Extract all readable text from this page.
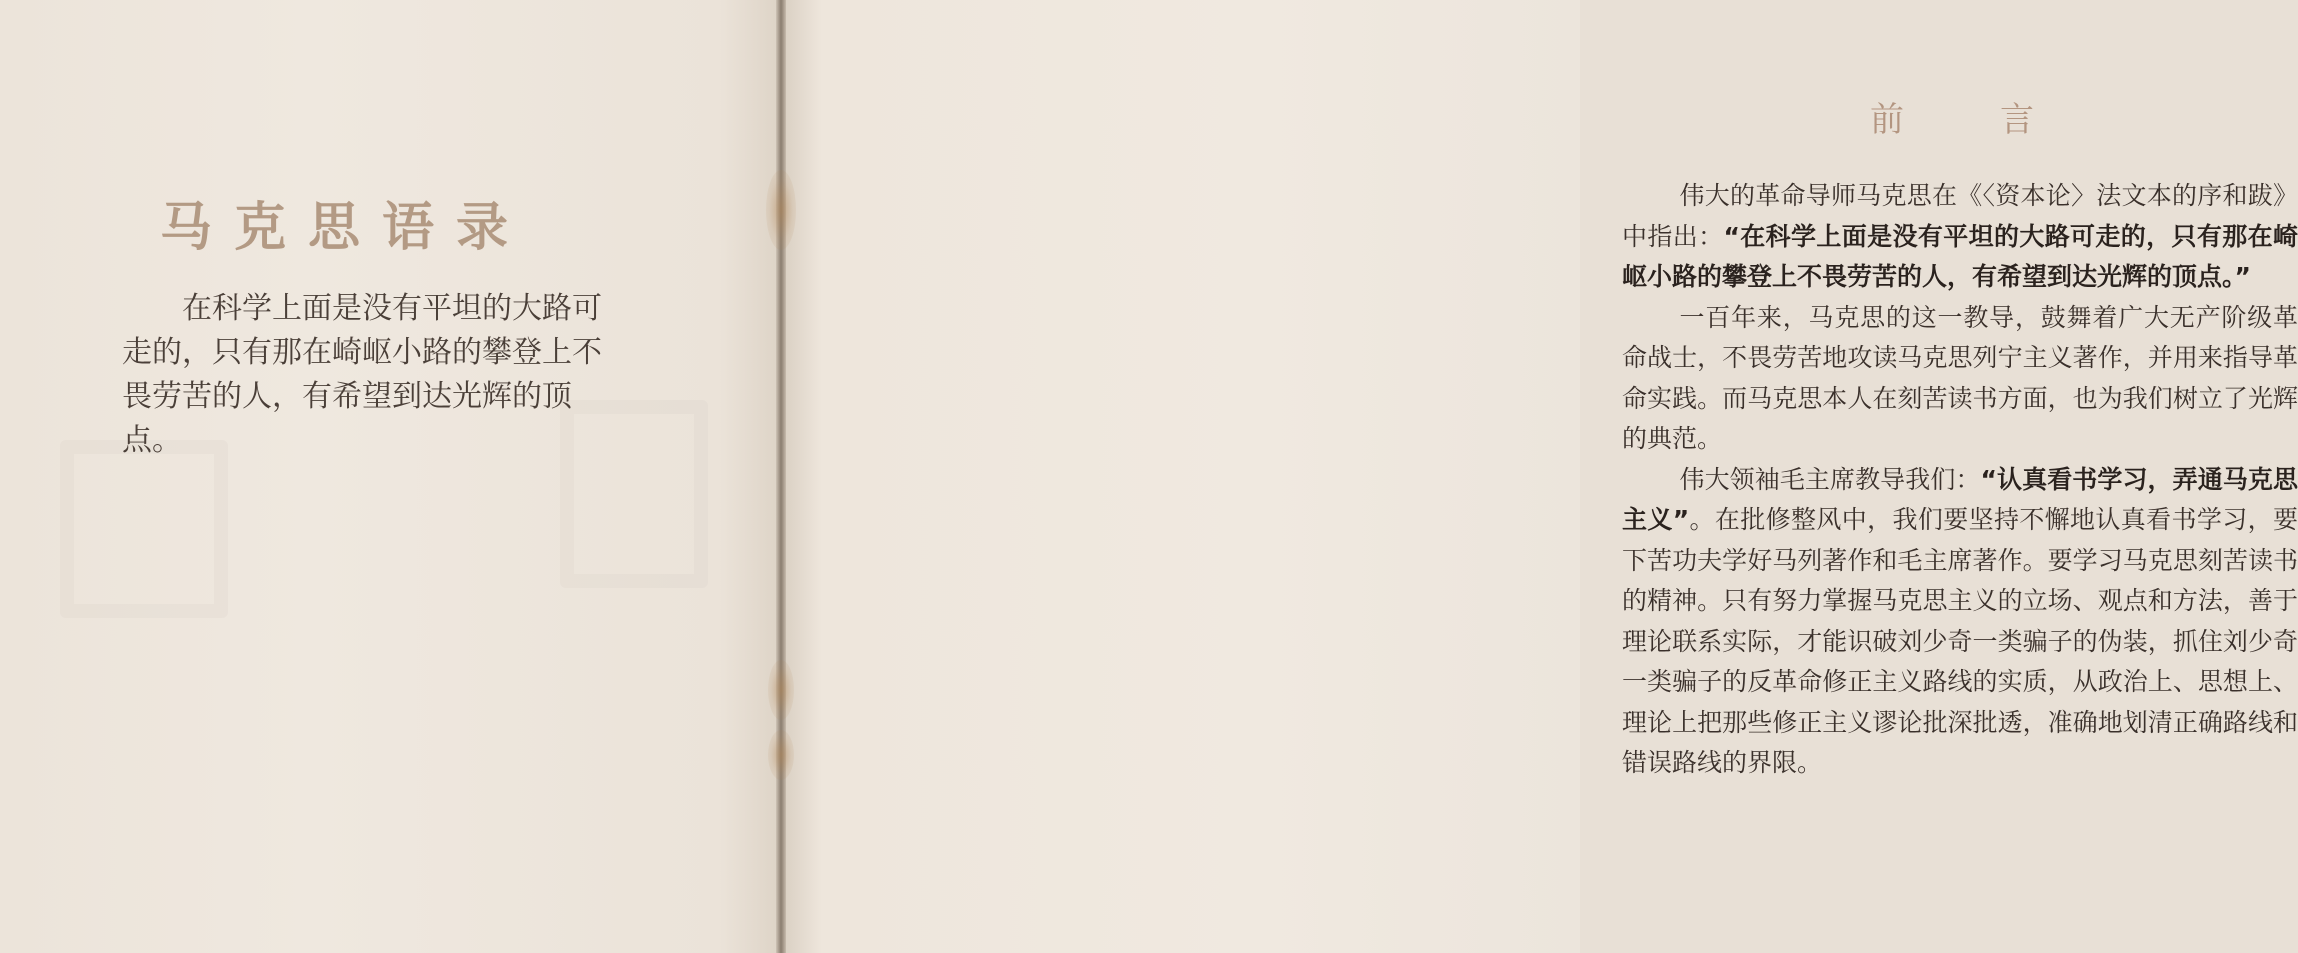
马克思语录

在科学上面是没有平坦的大路可走的，只有那在崎岖小路的攀登上不畏劳苦的人，有希望到达光辉的顶点。

前	言

伟大的革命导师马克思在《〈资本论〉法文本的序和跋》中指出：“在科学上面是没有平坦的大路可走的，只有那在崎岖小路的攀登上不畏劳苦的人，有希望到达光辉的顶点。”

一百年来，马克思的这一教导，鼓舞着广大无产阶级革命战士，不畏劳苦地攻读马克思列宁主义著作，并用来指导革命实践。而马克思本人在刻苦读书方面，也为我们树立了光辉的典范。

伟大领袖毛主席教导我们：“认真看书学习，弄通马克思主义”。在批修整风中，我们要坚持不懈地认真看书学习，要下苦功夫学好马列著作和毛主席著作。要学习马克思刻苦读书的精神。只有努力掌握马克思主义的立场、观点和方法，善于理论联系实际，才能识破刘少奇一类骗子的伪装，抓住刘少奇一类骗子的反革命修正主义路线的实质，从政治上、思想上、理论上把那些修正主义谬论批深批透，准确地划清正确路线和错误路线的界限。
